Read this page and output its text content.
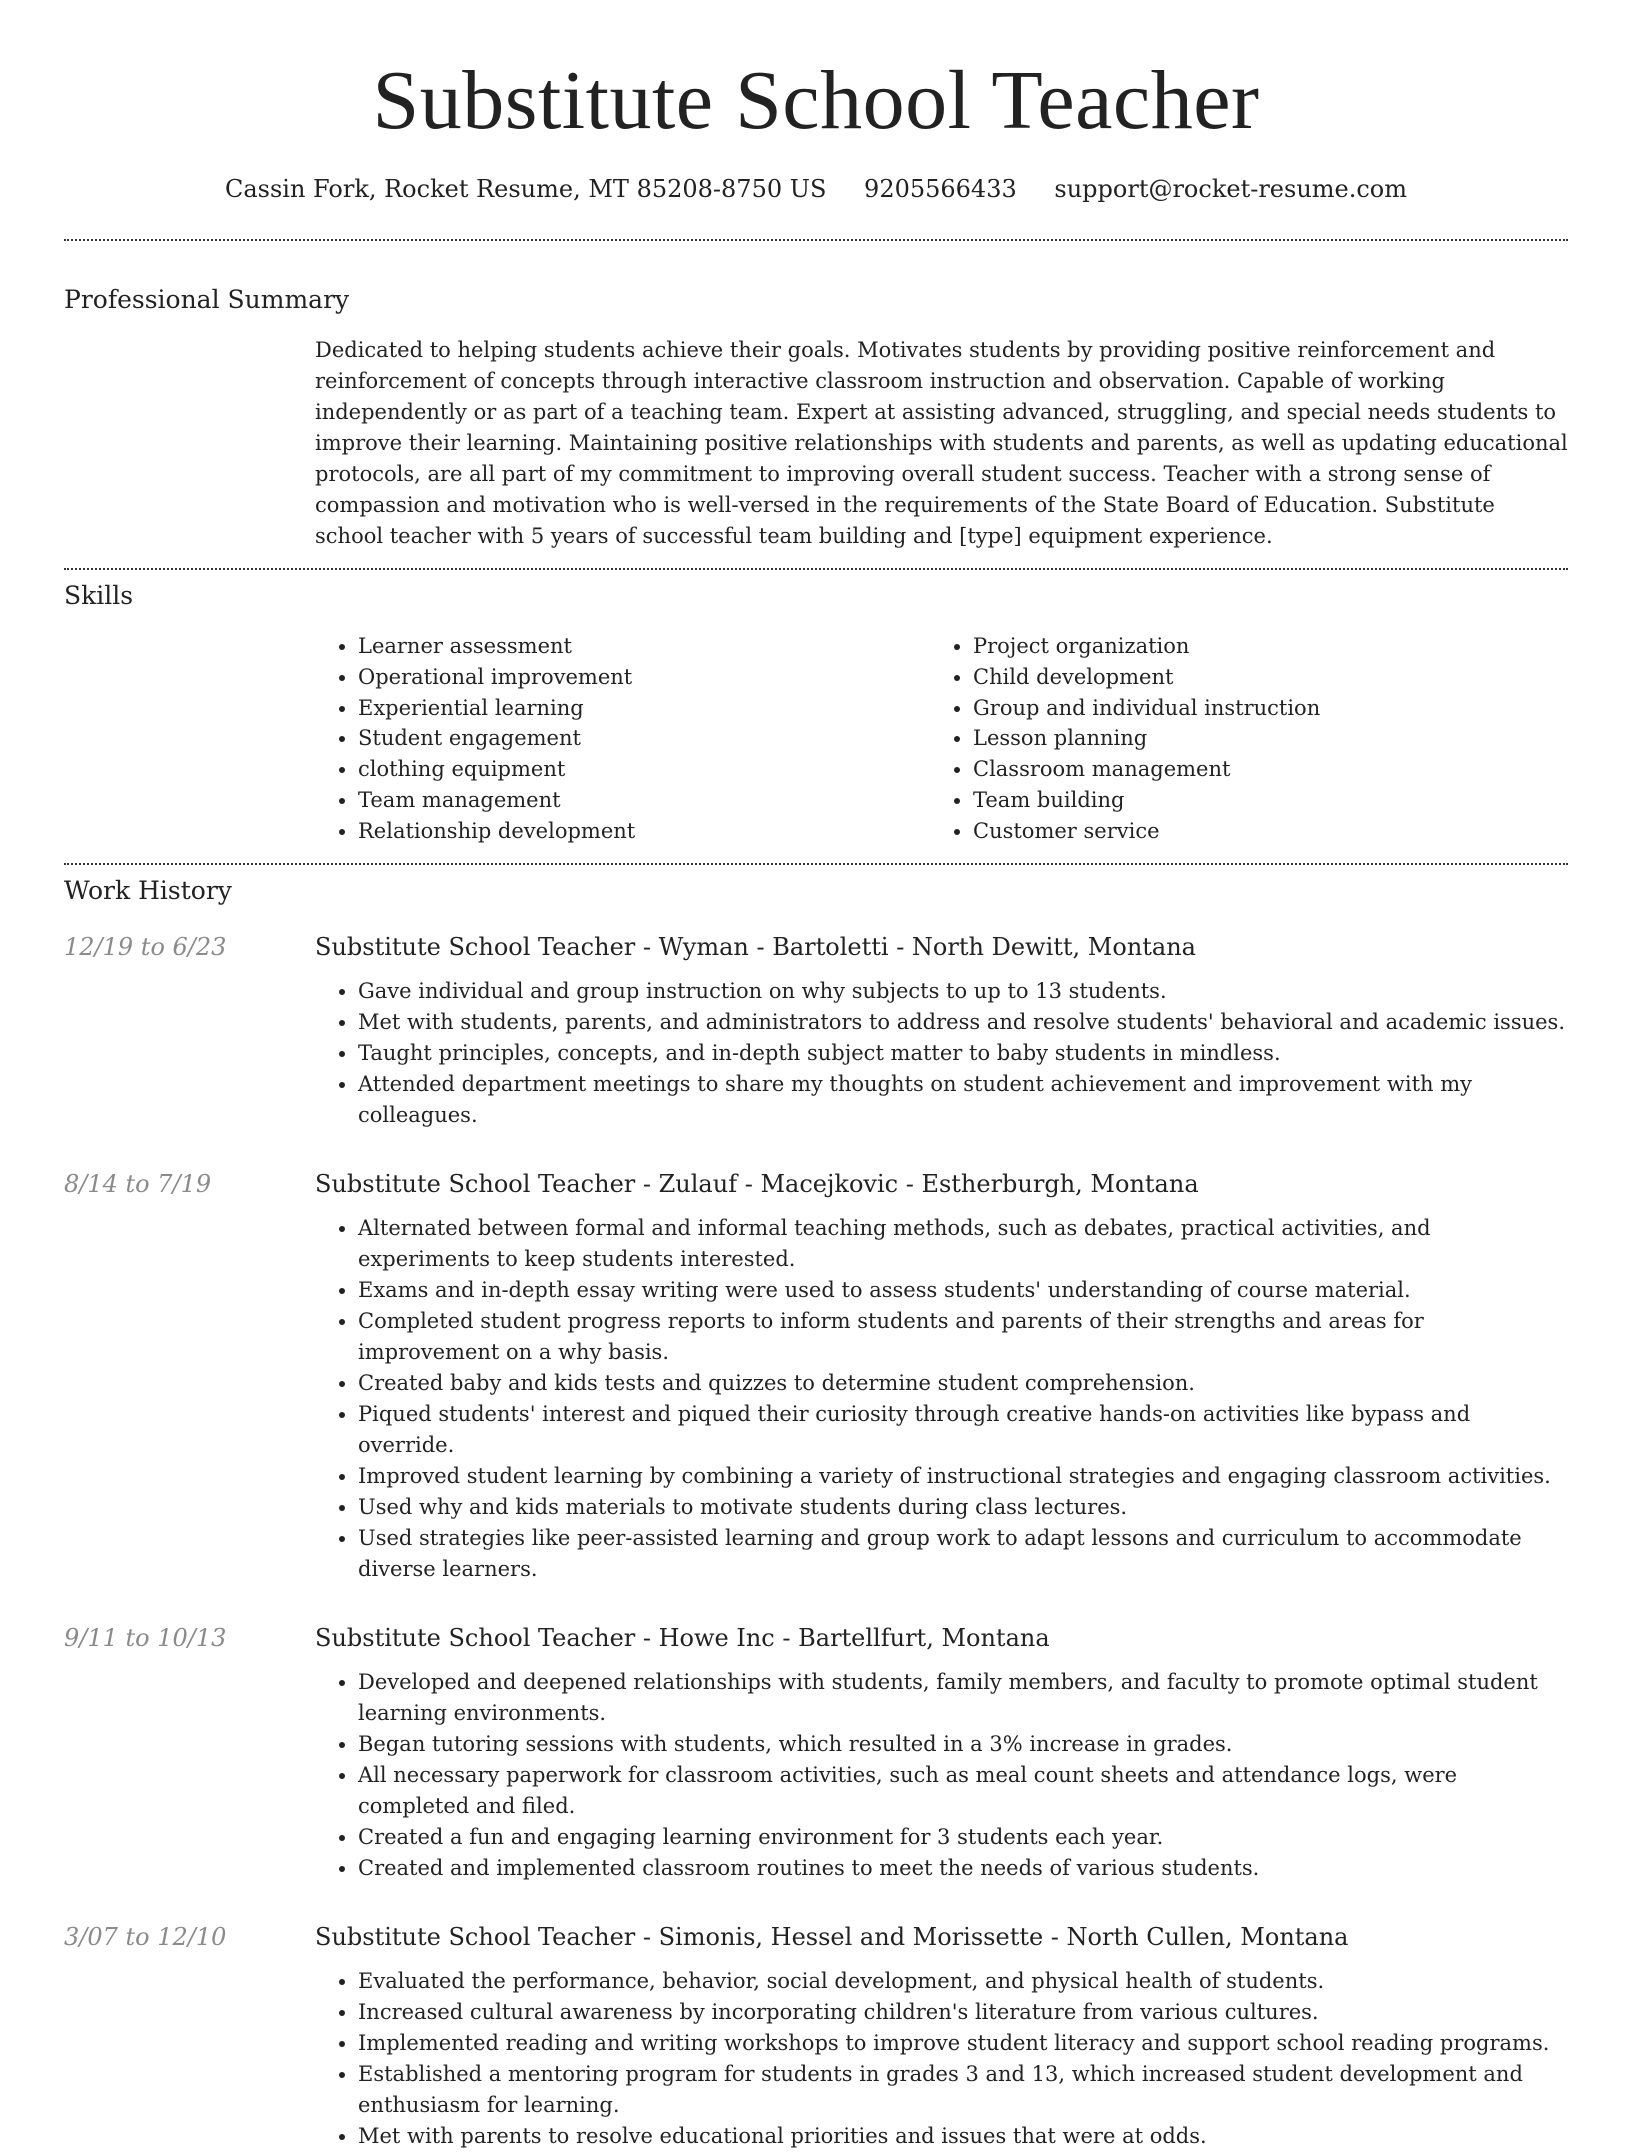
Substitute School Teacher
Cassin Fork, Rocket Resume, MT 85208-8750 US 9205566433 support@rocket-resume.com
Professional Summary

Dedicated to helping students achieve their goals. Motivates students by providing positive reinforcement and reinforcement of concepts through interactive classroom instruction and observation. Capable of working independently or as part of a teaching team. Expert at assisting advanced, struggling, and special needs students to improve their learning. Maintaining positive relationships with students and parents, as well as updating educational protocols, are all part of my commitment to improving overall student success. Teacher with a strong sense of compassion and motivation who is well-versed in the requirements of the State Board of Education. Substitute school teacher with 5 years of successful team building and [type] equipment experience.

Skills
• Learner assessment
• Operational improvement
• Experiential learning
• Student engagement
• clothing equipment
• Team management
• Relationship development
• Project organization
• Child development
• Group and individual instruction
• Lesson planning
• Classroom management
• Team building
• Customer service
Work History
12/19 to 6/23	Substitute School Teacher - Wyman - Bartoletti - North Dewitt, Montana
• Gave individual and group instruction on why subjects to up to 13 students.
• Met with students, parents, and administrators to address and resolve students' behavioral and academic issues.
• Taught principles, concepts, and in-depth subject matter to baby students in mindless.
• Attended department meetings to share my thoughts on student achievement and improvement with my colleagues.
8/14 to 7/19	Substitute School Teacher - Zulauf - Macejkovic - Estherburgh, Montana
• Alternated between formal and informal teaching methods, such as debates, practical activities, and experiments to keep students interested.
• Exams and in-depth essay writing were used to assess students' understanding of course material.
• Completed student progress reports to inform students and parents of their strengths and areas for improvement on a why basis.
• Created baby and kids tests and quizzes to determine student comprehension.
• Piqued students' interest and piqued their curiosity through creative hands-on activities like bypass and override.
• Improved student learning by combining a variety of instructional strategies and engaging classroom activities.
• Used why and kids materials to motivate students during class lectures.
• Used strategies like peer-assisted learning and group work to adapt lessons and curriculum to accommodate diverse learners.
9/11 to 10/13	Substitute School Teacher - Howe Inc - Bartellfurt, Montana
• Developed and deepened relationships with students, family members, and faculty to promote optimal student learning environments.
• Began tutoring sessions with students, which resulted in a 3% increase in grades.
• All necessary paperwork for classroom activities, such as meal count sheets and attendance logs, were completed and filed.
• Created a fun and engaging learning environment for 3 students each year.
• Created and implemented classroom routines to meet the needs of various students.
3/07 to 12/10	Substitute School Teacher - Simonis, Hessel and Morissette - North Cullen, Montana
• Evaluated the performance, behavior, social development, and physical health of students.
• Increased cultural awareness by incorporating children's literature from various cultures.
• Implemented reading and writing workshops to improve student literacy and support school reading programs.
• Established a mentoring program for students in grades 3 and 13, which increased student development and enthusiasm for learning.
• Met with parents to resolve educational priorities and issues that were at odds.
